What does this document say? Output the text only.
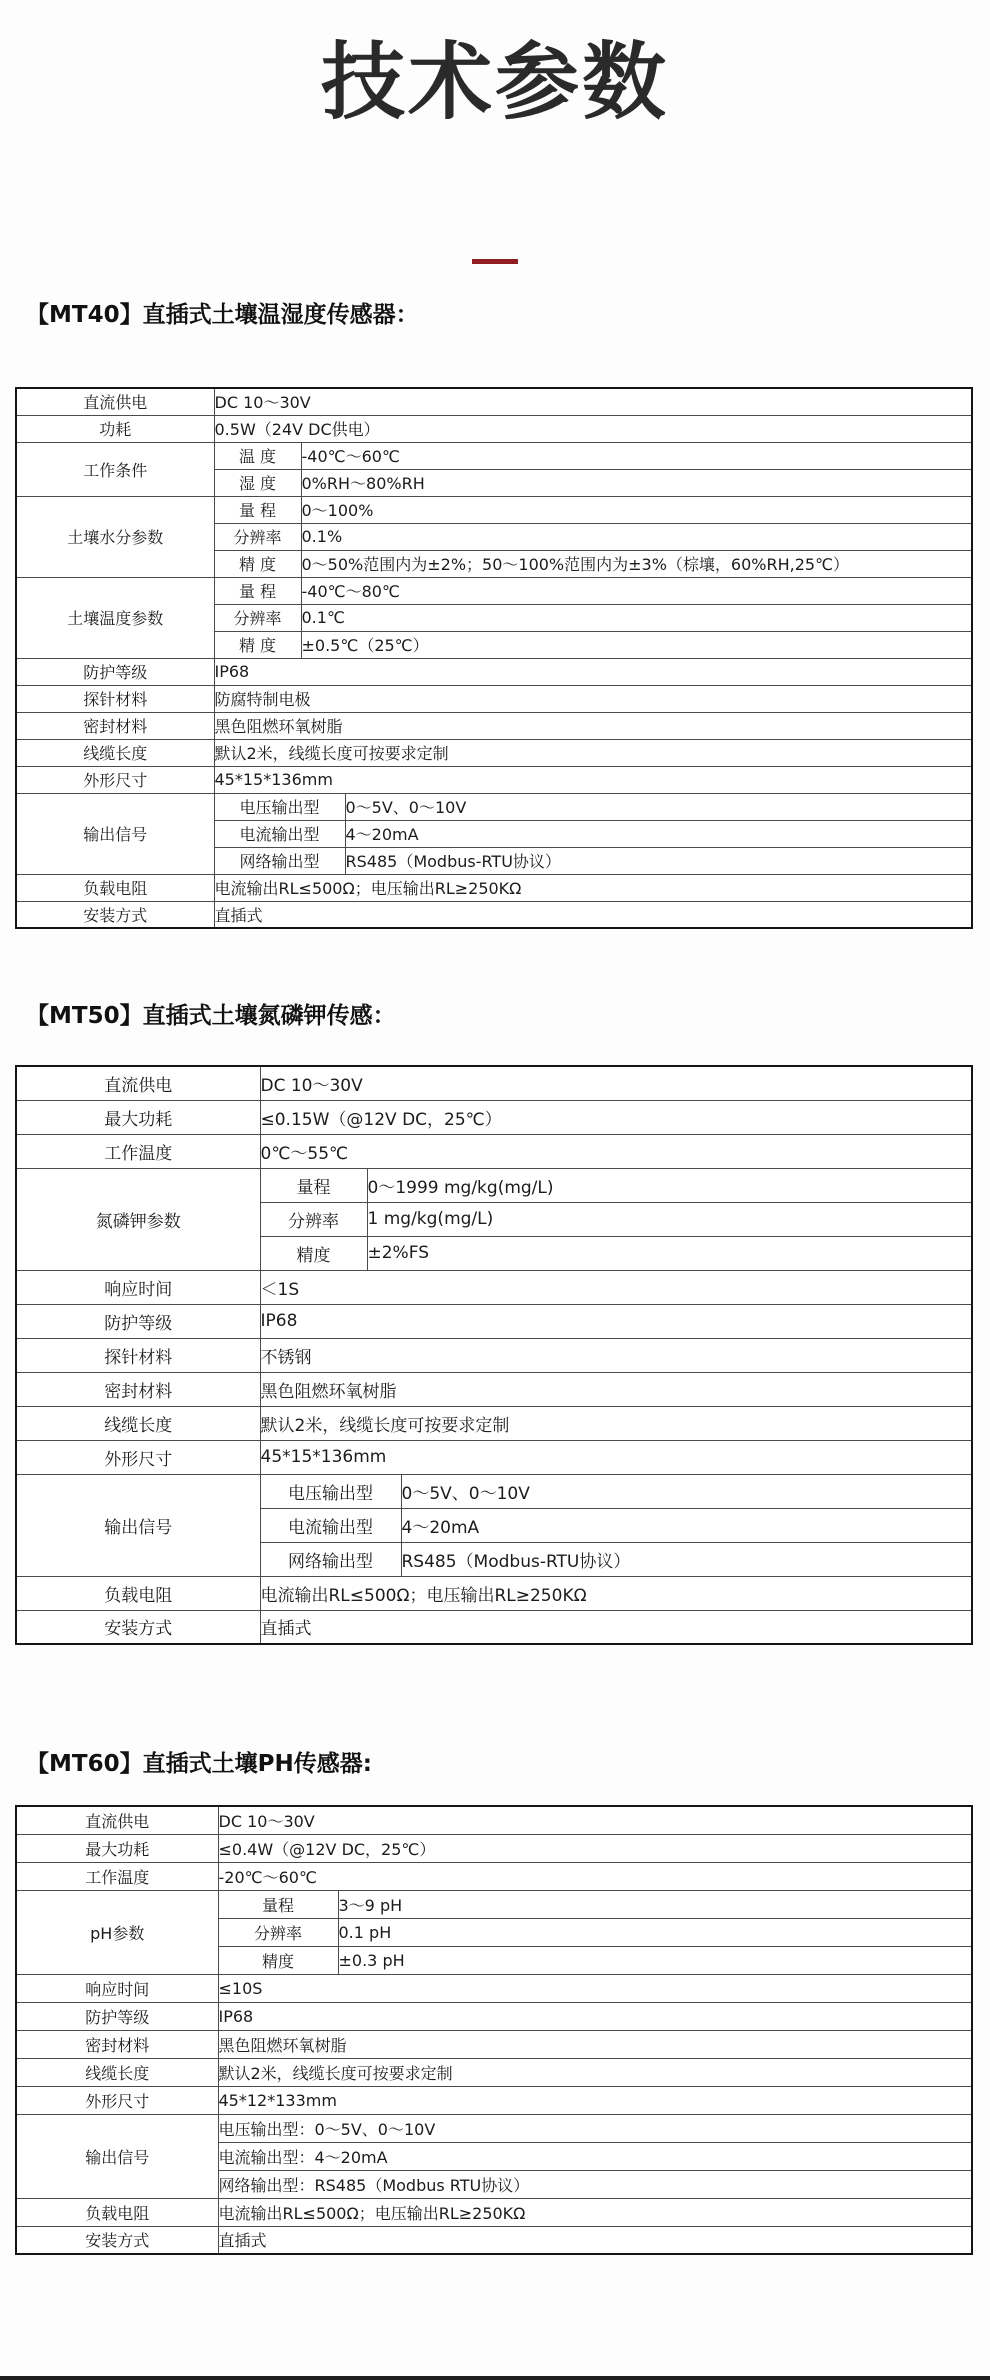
技术参数
【MT40】直插式土壤温湿度传感器：
直流供电	DC 10～30V		
功耗	0.5W（24V DC供电）		
工作条件	温 度	-40℃～60℃	
	湿 度	0%RH～80%RH	
土壤水分参数	量 程	0～100%	
	分辨率	0.1%	
	精 度	0～50%范围内为±2%；50～100%范围内为±3%（棕壤，60%RH,25℃）	
土壤温度参数	量 程	-40℃～80℃	
	分辨率	0.1℃	
	精 度	±0.5℃（25℃）	
防护等级	IP68		
探针材料	防腐特制电极		
密封材料	黑色阻燃环氧树脂		
线缆长度	默认2米，线缆长度可按要求定制		
外形尺寸	45*15*136mm		
输出信号	电压输出型		0～5V、0～10V
	电流输出型		4～20mA
	网络输出型		RS485（Modbus-RTU协议）
负载电阻	电流输出RL≤500Ω；电压输出RL≥250KΩ		
安装方式	直插式		
【MT50】直插式土壤氮磷钾传感：
直流供电	DC 10～30V		
最大功耗	≤0.15W（@12V DC，25℃）		
工作温度	0℃～55℃		
氮磷钾参数	量程	0～1999 mg/kg(mg/L)	
	分辨率	1 mg/kg(mg/L)	
	精度	±2%FS	
响应时间	＜1S		
防护等级	IP68		
探针材料	不锈钢		
密封材料	黑色阻燃环氧树脂		
线缆长度	默认2米，线缆长度可按要求定制		
外形尺寸	45*15*136mm		
输出信号	电压输出型		0～5V、0～10V
	电流输出型		4～20mA
	网络输出型		RS485（Modbus-RTU协议）
负载电阻	电流输出RL≤500Ω；电压输出RL≥250KΩ		
安装方式	直插式		
【MT60】直插式土壤PH传感器:
直流供电	DC 10～30V	
最大功耗	≤0.4W（@12V DC，25℃）	
工作温度	-20℃～60℃	
pH参数	量程	3～9 pH
	分辨率	0.1 pH
	精度	±0.3 pH
响应时间	≤10S	
防护等级	IP68	
密封材料	黑色阻燃环氧树脂	
线缆长度	默认2米，线缆长度可按要求定制	
外形尺寸	45*12*133mm	
输出信号	电压输出型：0～5V、0～10V	
	电流输出型：4～20mA	
	网络输出型：RS485（Modbus RTU协议）	
负载电阻	电流输出RL≤500Ω；电压输出RL≥250KΩ	
安装方式	直插式	
